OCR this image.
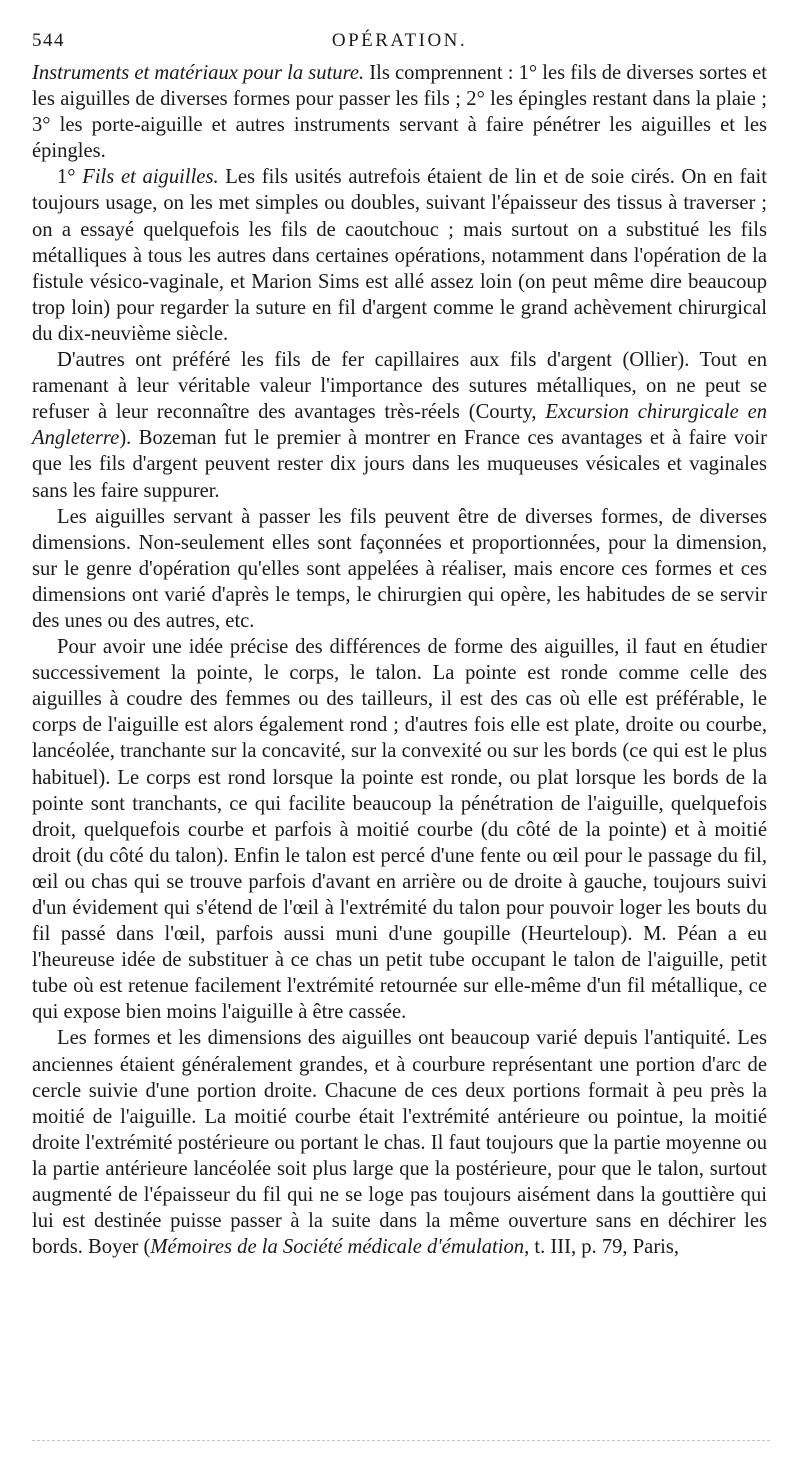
544	OPÉRATION.

Instruments et matériaux pour la suture. Ils comprennent : 1° les fils de diverses sortes et les aiguilles de diverses formes pour passer les fils ; 2° les épingles restant dans la plaie ; 3° les porte-aiguille et autres instruments servant à faire pénétrer les aiguilles et les épingles.

1° Fils et aiguilles. Les fils usités autrefois étaient de lin et de soie cirés. On en fait toujours usage, on les met simples ou doubles, suivant l'épaisseur des tissus à traverser ; on a essayé quelquefois les fils de caoutchouc ; mais surtout on a substitué les fils métalliques à tous les autres dans certaines opérations, notamment dans l'opération de la fistule vésico-vaginale, et Marion Sims est allé assez loin (on peut même dire beaucoup trop loin) pour regarder la suture en fil d'argent comme le grand achèvement chirurgical du dix-neuvième siècle.

D'autres ont préféré les fils de fer capillaires aux fils d'argent (Ollier). Tout en ramenant à leur véritable valeur l'importance des sutures métalliques, on ne peut se refuser à leur reconnaître des avantages très-réels (Courty, Excursion chirurgicale en Angleterre). Bozeman fut le premier à montrer en France ces avantages et à faire voir que les fils d'argent peuvent rester dix jours dans les muqueuses vésicales et vaginales sans les faire suppurer.

Les aiguilles servant à passer les fils peuvent être de diverses formes, de diverses dimensions. Non-seulement elles sont façonnées et proportionnées, pour la dimension, sur le genre d'opération qu'elles sont appelées à réaliser, mais encore ces formes et ces dimensions ont varié d'après le temps, le chirurgien qui opère, les habitudes de se servir des unes ou des autres, etc.

Pour avoir une idée précise des différences de forme des aiguilles, il faut en étudier successivement la pointe, le corps, le talon. La pointe est ronde comme celle des aiguilles à coudre des femmes ou des tailleurs, il est des cas où elle est préférable, le corps de l'aiguille est alors également rond ; d'autres fois elle est plate, droite ou courbe, lancéolée, tranchante sur la concavité, sur la convexité ou sur les bords (ce qui est le plus habituel). Le corps est rond lorsque la pointe est ronde, ou plat lorsque les bords de la pointe sont tranchants, ce qui facilite beaucoup la pénétration de l'aiguille, quelquefois droit, quelquefois courbe et parfois à moitié courbe (du côté de la pointe) et à moitié droit (du côté du talon). Enfin le talon est percé d'une fente ou œil pour le passage du fil, œil ou chas qui se trouve parfois d'avant en arrière ou de droite à gauche, toujours suivi d'un évidement qui s'étend de l'œil à l'extrémité du talon pour pouvoir loger les bouts du fil passé dans l'œil, parfois aussi muni d'une goupille (Heurteloup). M. Péan a eu l'heureuse idée de substituer à ce chas un petit tube occupant le talon de l'aiguille, petit tube où est retenue facilement l'extrémité retournée sur elle-même d'un fil métallique, ce qui expose bien moins l'aiguille à être cassée.

Les formes et les dimensions des aiguilles ont beaucoup varié depuis l'antiquité. Les anciennes étaient généralement grandes, et à courbure représentant une portion d'arc de cercle suivie d'une portion droite. Chacune de ces deux portions formait à peu près la moitié de l'aiguille. La moitié courbe était l'extrémité antérieure ou pointue, la moitié droite l'extrémité postérieure ou portant le chas. Il faut toujours que la partie moyenne ou la partie antérieure lancéolée soit plus large que la postérieure, pour que le talon, surtout augmenté de l'épaisseur du fil qui ne se loge pas toujours aisément dans la gouttière qui lui est destinée puisse passer à la suite dans la même ouverture sans en déchirer les bords. Boyer (Mémoires de la Société médicale d'émulation, t. III, p. 79, Paris,
